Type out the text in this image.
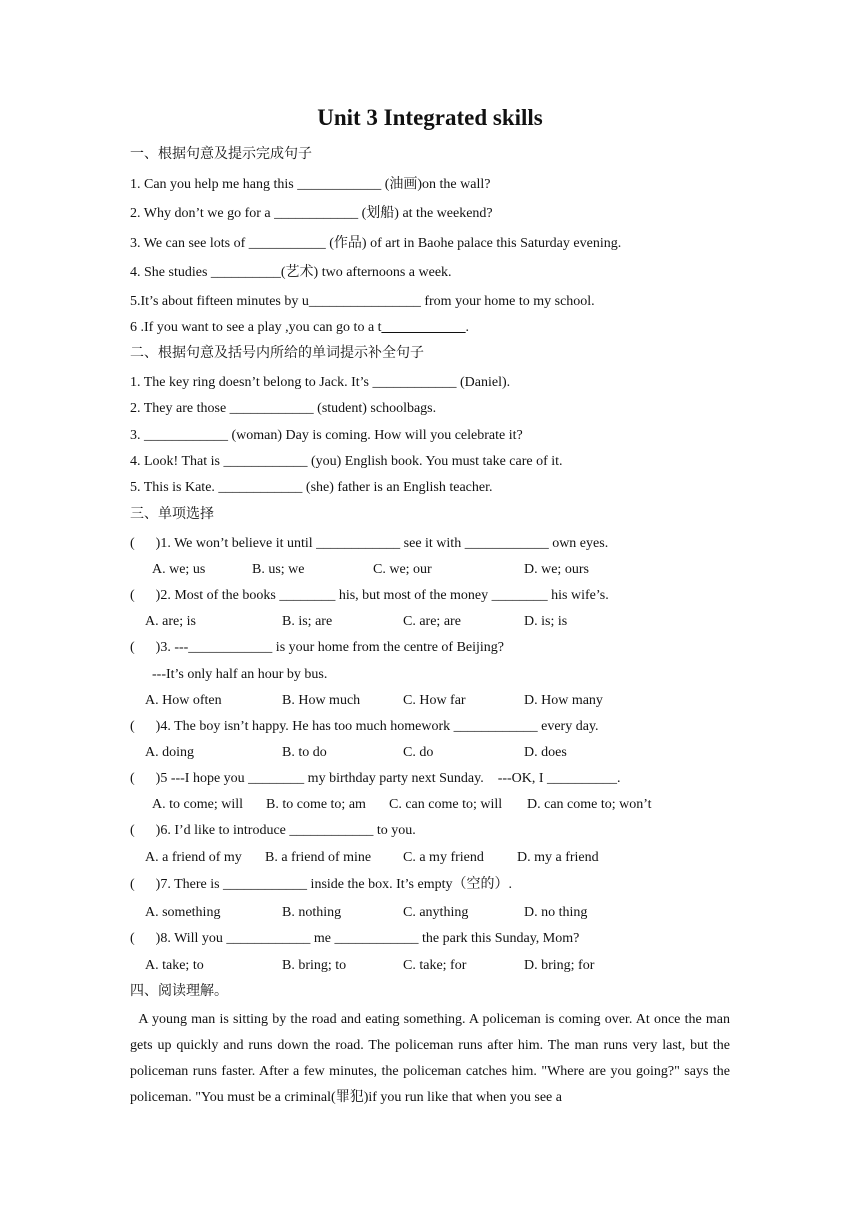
Unit 3 Integrated skills
一、根据句意及提示完成句子
1. Can you help me hang this ____________ (油画)on the wall?
2. Why don’t we go for a ____________ (划船) at the weekend?
3. We can see lots of ___________ (作品) of art in Baohe palace this Saturday evening.
4. She studies __________(艺术) two afternoons a week.
5.It’s about fifteen minutes by u________________ from your home to my school.
6 .If you want to see a play ,you can go to a t____________.
二、根据句意及括号内所给的单词提示补全句子
1. The key ring doesn’t belong to Jack. It’s ____________ (Daniel).
2. They are those ____________ (student) schoolbags.
3. ____________ (woman) Day is coming. How will you celebrate it?
4. Look! That is ____________ (you) English book. You must take care of it.
5. This is Kate. ____________ (she) father is an English teacher.
三、单项选择
(      )1. We won’t believe it until ____________ see it with ____________ own eyes.
A. we; us	B. us; we	C. we; our	D. we; ours
(      )2. Most of the books ________ his, but most of the money ________ his wife’s.
A. are; is	B. is; are	C. are; are	D. is; is
(      )3. ---____________ is your home from the centre of Beijing?
---It’s only half an hour by bus.
A. How often	B. How much	C. How far	D. How many
(      )4. The boy isn’t happy. He has too much homework ____________ every day.
A. doing	B. to do	C. do	D. does
(      )5 ---I hope you ________ my birthday party next Sunday.    ---OK, I __________.
A. to come; will B. to come to; am C. can come to; will D. can come to; won’t
(      )6. I’d like to introduce ____________ to you.
A. a friend of my B. a friend of mine C. a my friend D. my a friend
(      )7. There is ____________ inside the box. It’s empty（空的）.
A. something	B. nothing	C. anything	D. no thing
(      )8. Will you ____________ me ____________ the park this Sunday, Mom?
A. take; to	B. bring; to	C. take; for	D. bring; for
四、阅读理解。

A young man is sitting by the road and eating something. A policeman is coming over. At once the man gets up quickly and runs down the road. The policeman runs after him. The man runs very last, but the policeman runs faster. After a few minutes, the policeman catches him. "Where are you going?" says the policeman. "You must be a criminal(罪犯)if you run like that when you see a
